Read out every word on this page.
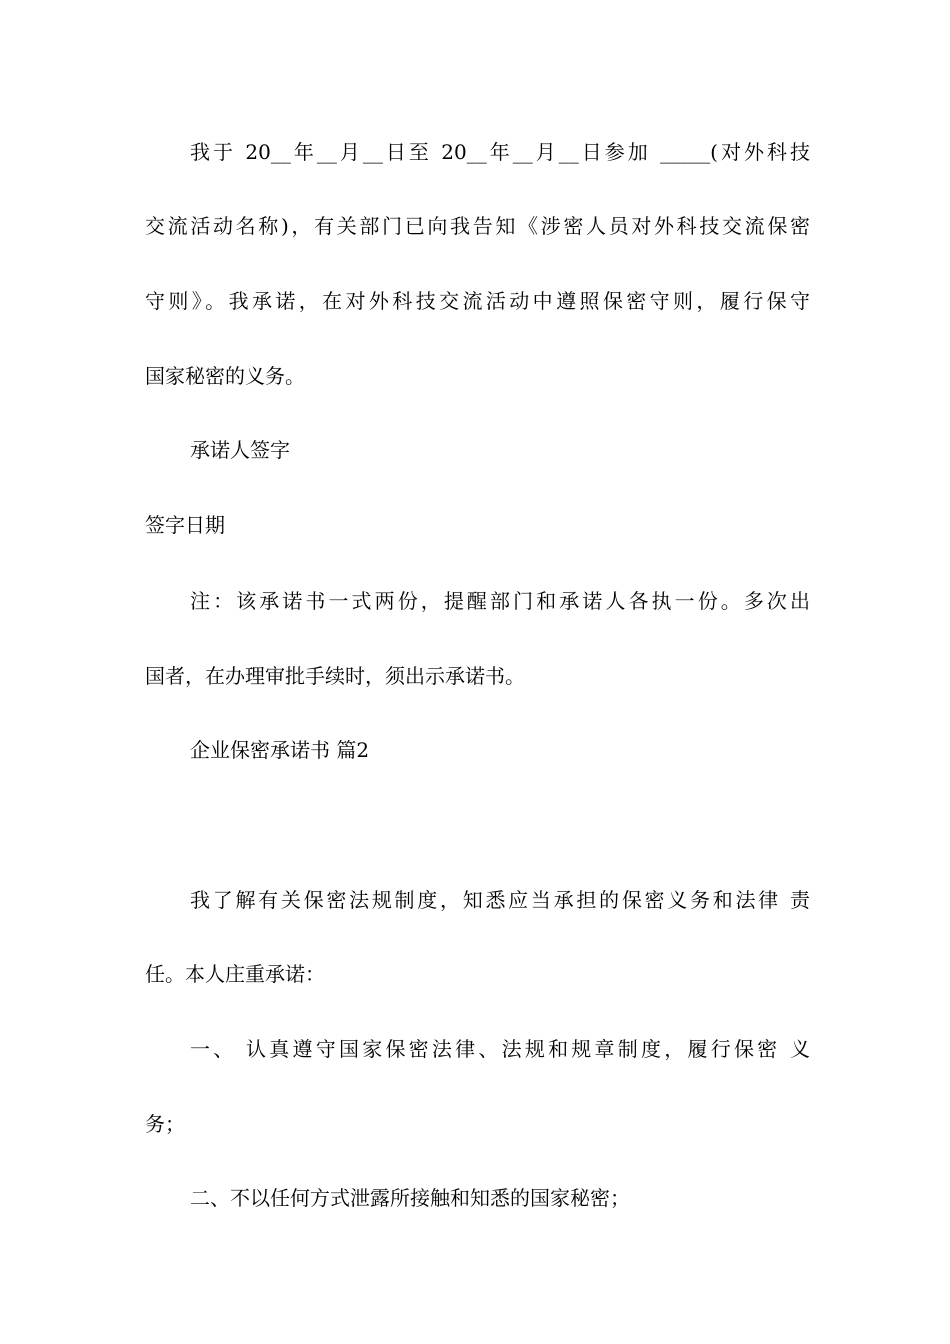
我于 20__年__月__日至 20__年__月__日参加 _____(对外科技
交流活动名称)，有关部门已向我告知《涉密人员对外科技交流保密
守则》。我承诺，在对外科技交流活动中遵照保密守则，履行保守
国家秘密的义务。
承诺人签字
签字日期
注：该承诺书一式两份，提醒部门和承诺人各执一份。多次出
国者，在办理审批手续时，须出示承诺书。
企业保密承诺书 篇2
我了解有关保密法规制度，知悉应当承担的保密义务和法律 责
任。本人庄重承诺：
一、 认真遵守国家保密法律、法规和规章制度，履行保密 义
务；
二、不以任何方式泄露所接触和知悉的国家秘密；
